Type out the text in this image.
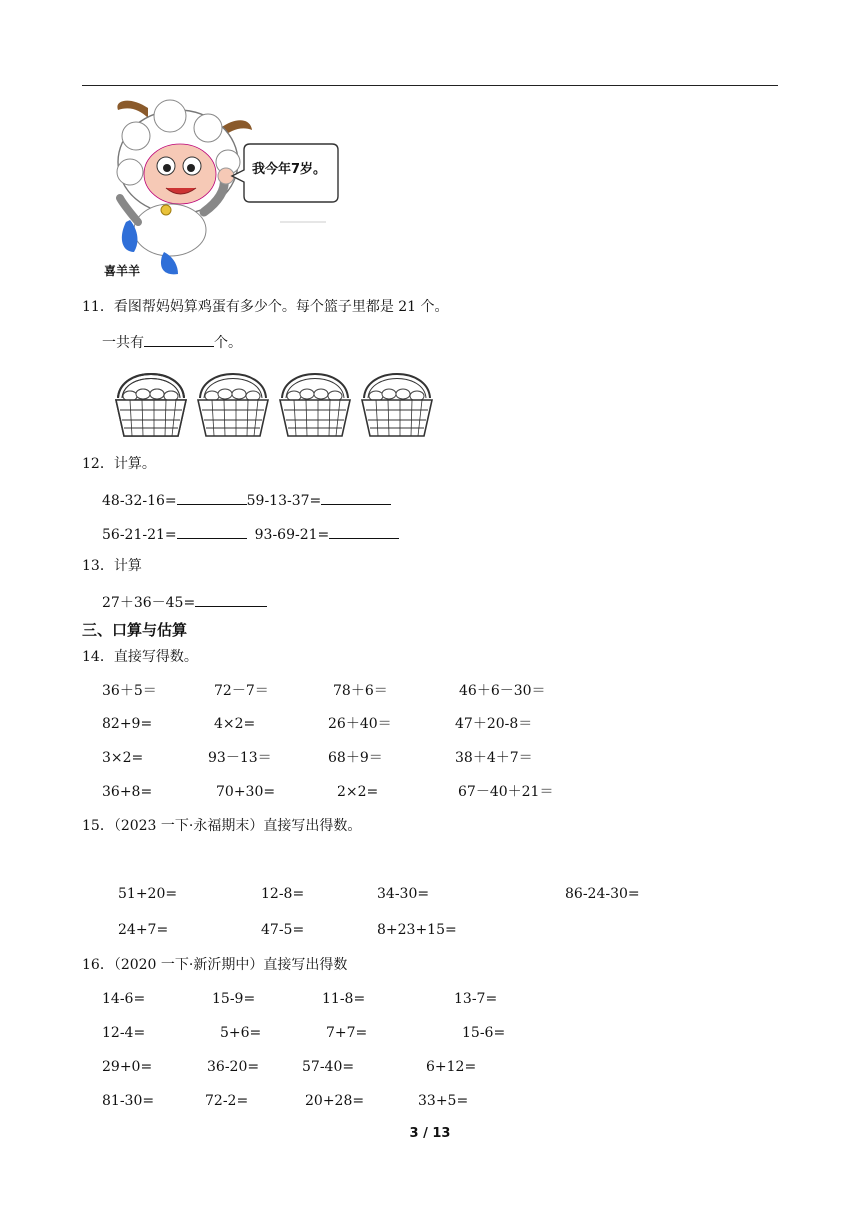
我今年7岁。
喜羊羊
11．看图帮妈妈算鸡蛋有多少个。每个篮子里都是 21 个。
一共有	个。
12．计算。
48-32-16=	59-13-37=
56-21-21=	93-69-21=
13．计算
27＋36－45=
三、口算与估算
14．直接写得数。
36＋5＝	72－7＝	78＋6＝	46＋6－30＝
82+9=	4×2=	26＋40＝	47＋20-8＝
3×2=	93－13＝	68＋9＝	38＋4＋7＝
36+8=	70+30=	2×2=	67－40＋21＝
15．（2023 一下·永福期末）直接写出得数。
51+20=	12-8=	34-30=	86-24-30=
24+7=	47-5=	8+23+15=
16．（2020 一下·新沂期中）直接写出得数
14-6=	15-9=	11-8=	13-7=
12-4=	5+6=	7+7=	15-6=
29+0=	36-20=	57-40=	6+12=
81-30=	72-2=	20+28=	33+5=
3 / 13
